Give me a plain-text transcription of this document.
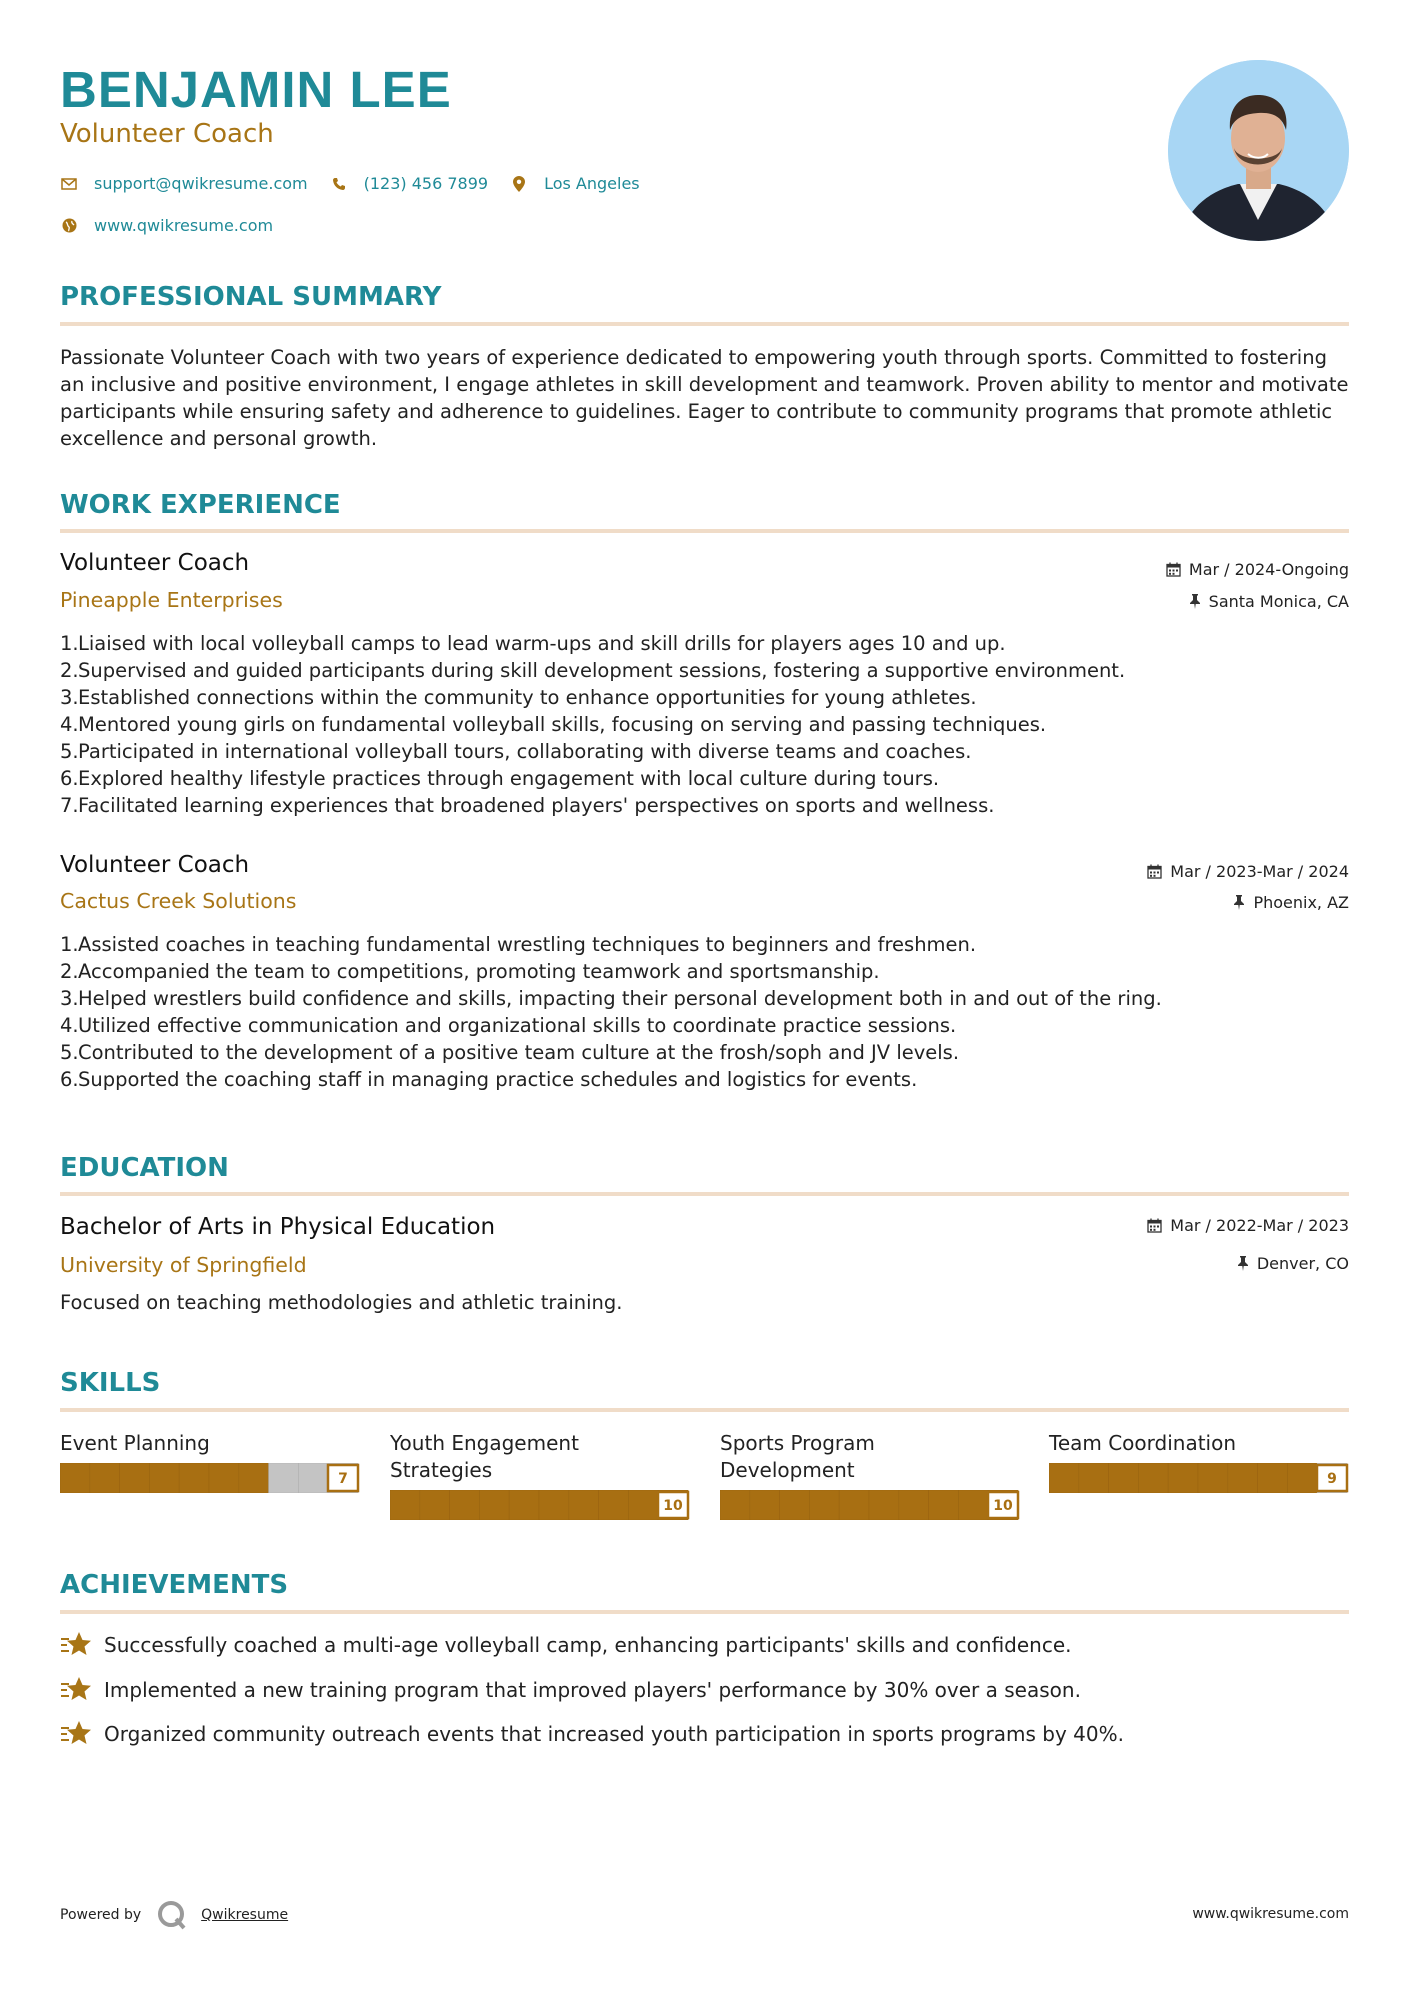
BENJAMIN LEE
Volunteer Coach
support@qwikresume.com	(123) 456 7899	Los Angeles
www.qwikresume.com
PROFESSIONAL SUMMARY
Passionate Volunteer Coach with two years of experience dedicated to empowering youth through sports. Committed to fostering an inclusive and positive environment, I engage athletes in skill development and teamwork. Proven ability to mentor and motivate participants while ensuring safety and adherence to guidelines. Eager to contribute to community programs that promote athletic excellence and personal growth.
WORK EXPERIENCE
Volunteer Coach
Pineapple Enterprises
Mar / 2024-Ongoing
Santa Monica, CA
1. Liaised with local volleyball camps to lead warm-ups and skill drills for players ages 10 and up.
2. Supervised and guided participants during skill development sessions, fostering a supportive environment.
3. Established connections within the community to enhance opportunities for young athletes.
4. Mentored young girls on fundamental volleyball skills, focusing on serving and passing techniques.
5. Participated in international volleyball tours, collaborating with diverse teams and coaches.
6. Explored healthy lifestyle practices through engagement with local culture during tours.
7. Facilitated learning experiences that broadened players' perspectives on sports and wellness.
Volunteer Coach
Cactus Creek Solutions
Mar / 2023-Mar / 2024
Phoenix, AZ
1. Assisted coaches in teaching fundamental wrestling techniques to beginners and freshmen.
2. Accompanied the team to competitions, promoting teamwork and sportsmanship.
3. Helped wrestlers build confidence and skills, impacting their personal development both in and out of the ring.
4. Utilized effective communication and organizational skills to coordinate practice sessions.
5. Contributed to the development of a positive team culture at the frosh/soph and JV levels.
6. Supported the coaching staff in managing practice schedules and logistics for events.
EDUCATION
Bachelor of Arts in Physical Education
University of Springfield
Mar / 2022-Mar / 2023
Denver, CO
Focused on teaching methodologies and athletic training.
SKILLS
Event Planning
7
Youth Engagement Strategies
10
Sports Program Development
10
Team Coordination
9
ACHIEVEMENTS
Successfully coached a multi-age volleyball camp, enhancing participants' skills and confidence.
Implemented a new training program that improved players' performance by 30% over a season.
Organized community outreach events that increased youth participation in sports programs by 40%.
Powered by	Qwikresume	www.qwikresume.com
